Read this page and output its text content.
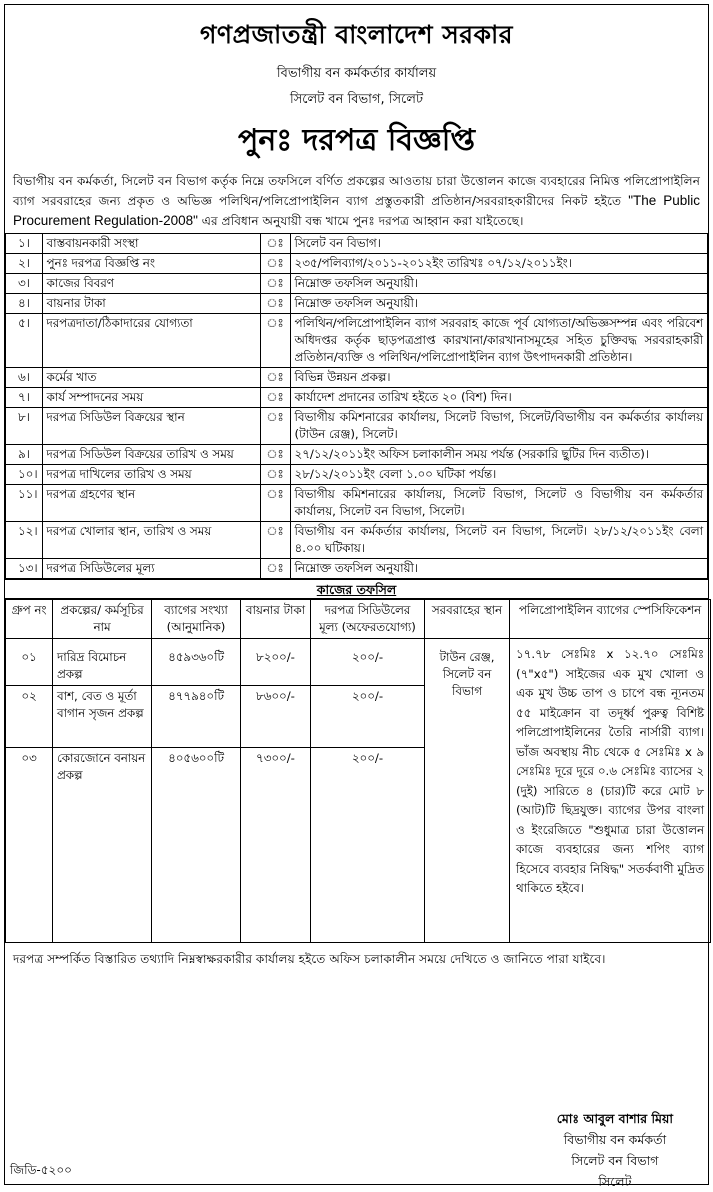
গণপ্রজাতন্ত্রী বাংলাদেশ সরকার
বিভাগীয় বন কর্মকর্তার কার্যালয়
সিলেট বন বিভাগ, সিলেট
পুনঃ দরপত্র বিজ্ঞপ্তি
বিভাগীয় বন কর্মকর্তা, সিলেট বন বিভাগ কর্তৃক নিম্নে তফসিলে বর্ণিত প্রকল্পের আওতায় চারা উত্তোলন কাজে ব্যবহারের নিমিত্ত পলিপ্রোপাইলিন ব্যাগ সরবরাহের জন্য প্রকৃত ও অভিজ্ঞ পলিথিন/পলিপ্রোপাইলিন ব্যাগ প্রস্তুতকারী প্রতিষ্ঠান/সরবরাহকারীদের নিকট হইতে "The Public Procurement Regulation-2008" এর প্রবিধান অনুযায়ী বন্ধ খামে পুনঃ দরপত্র আহ্বান করা যাইতেছে।
১।	বাস্তবায়নকারী সংস্থা	ঃ	সিলেট বন বিভাগ।
২।	পুনঃ দরপত্র বিজ্ঞপ্তি নং	ঃ	২৩৫/পলিব্যাগ/২০১১-২০১২ইং তারিখঃ ০৭/১২/২০১১ইং।
৩।	কাজের বিবরণ	ঃ	নিম্নোক্ত তফসিল অনুযায়ী।
৪।	বায়নার টাকা	ঃ	নিম্নোক্ত তফসিল অনুযায়ী।
৫।	দরপত্রদাতা/ঠিকাদারের যোগ্যতা	ঃ	পলিথিন/পলিপ্রোপাইলিন ব্যাগ সরবরাহ কাজে পূর্ব যোগ্যতা/অভিজ্ঞসম্পন্ন এবং পরিবেশ অধিদপ্তর কর্তৃক ছাড়পত্রপ্রাপ্ত কারখানা/কারখানাসমূহের সহিত চুক্তিবদ্ধ সরবরাহকারী প্রতিষ্ঠান/ব্যক্তি ও পলিথিন/পলিপ্রোপাইলিন ব্যাগ উৎপাদনকারী প্রতিষ্ঠান।
৬।	কর্মের খাত	ঃ	বিভিন্ন উন্নয়ন প্রকল্প।
৭।	কার্য সম্পাদনের সময়	ঃ	কার্যাদেশ প্রদানের তারিখ হইতে ২০ (বিশ) দিন।
৮।	দরপত্র সিডিউল বিক্রয়ের স্থান	ঃ	বিভাগীয় কমিশনারের কার্যালয়, সিলেট বিভাগ, সিলেট/বিভাগীয় বন কর্মকর্তার কার্যালয় (টাউন রেঞ্জ), সিলেট।
৯।	দরপত্র সিডিউল বিক্রয়ের তারিখ ও সময়	ঃ	২৭/১২/২০১১ইং অফিস চলাকালীন সময় পর্যন্ত (সরকারি ছুটির দিন ব্যতীত)।
১০।	দরপত্র দাখিলের তারিখ ও সময়	ঃ	২৮/১২/২০১১ইং বেলা ১.০০ ঘটিকা পর্যন্ত।
১১।	দরপত্র গ্রহণের স্থান	ঃ	বিভাগীয় কমিশনারের কার্যালয়, সিলেট বিভাগ, সিলেট ও বিভাগীয় বন কর্মকর্তার কার্যালয়, সিলেট বন বিভাগ, সিলেট।
১২।	দরপত্র খোলার স্থান, তারিখ ও সময়	ঃ	বিভাগীয় বন কর্মকর্তার কার্যালয়, সিলেট বন বিভাগ, সিলেট। ২৮/১২/২০১১ইং বেলা ৪.০০ ঘটিকায়।
১৩।	দরপত্র সিডিউলের মূল্য	ঃ	নিম্নোক্ত তফসিল অনুযায়ী।
কাজের তফসিল
গ্রুপ নং	প্রকল্পের/ কর্মসূচির নাম	ব্যাগের সংখ্যা (আনুমানিক)	বায়নার টাকা	দরপত্র সিডিউলের মূল্য (অফেরতযোগ্য)	সরবরাহের স্থান	পলিপ্রোপাইলিন ব্যাগের স্পেসিফিকেশন
০১	দারিদ্র বিমোচন প্রকল্প	৪৫৯৩৬০টি	৮২০০/-	২০০/-	টাউন রেঞ্জ, সিলেট বন বিভাগ	১৭.৭৮ সেঃমিঃ x ১২.৭০ সেঃমিঃ (৭"x৫") সাইজের এক মুখ খোলা ও এক মুখ উচ্চ তাপ ও চাপে বন্ধ ন্যূনতম ৫৫ মাইক্রোন বা তদূর্ধ্ব পুরুত্ব বিশিষ্ট পলিপ্রোপাইলিনের তৈরি নার্সারী ব্যাগ। ভাঁজ অবস্থায় নীচ থেকে ৫ সেঃমিঃ x ৯ সেঃমিঃ দূরে দূরে ০.৬ সেঃমিঃ ব্যাসের ২ (দুই) সারিতে ৪ (চার)টি করে মোট ৮ (আট)টি ছিদ্রযুক্ত। ব্যাগের উপর বাংলা ও ইংরেজিতে "শুধুমাত্র চারা উত্তোলন কাজে ব্যবহারের জন্য শপিং ব্যাগ হিসেবে ব্যবহার নিষিদ্ধ" সতর্কবাণী মুদ্রিত থাকিতে হইবে।
০২	বাশ, বেত ও মূর্তা বাগান সৃজন প্রকল্প	৪৭৭৯৪০টি	৮৬০০/-	২০০/-		
০৩	কোরজোনে বনায়ন প্রকল্প	৪০৫৬০০টি	৭৩০০/-	২০০/-		
দরপত্র সম্পর্কিত বিস্তারিত তথ্যাদি নিম্নস্বাক্ষরকারীর কার্যালয় হইতে অফিস চলাকালীন সময়ে দেখিতে ও জানিতে পারা যাইবে।
মোঃ আবুল বাশার মিয়া
বিভাগীয় বন কর্মকর্তা
সিলেট বন বিভাগ
সিলেট
জিডি-৫২০০
